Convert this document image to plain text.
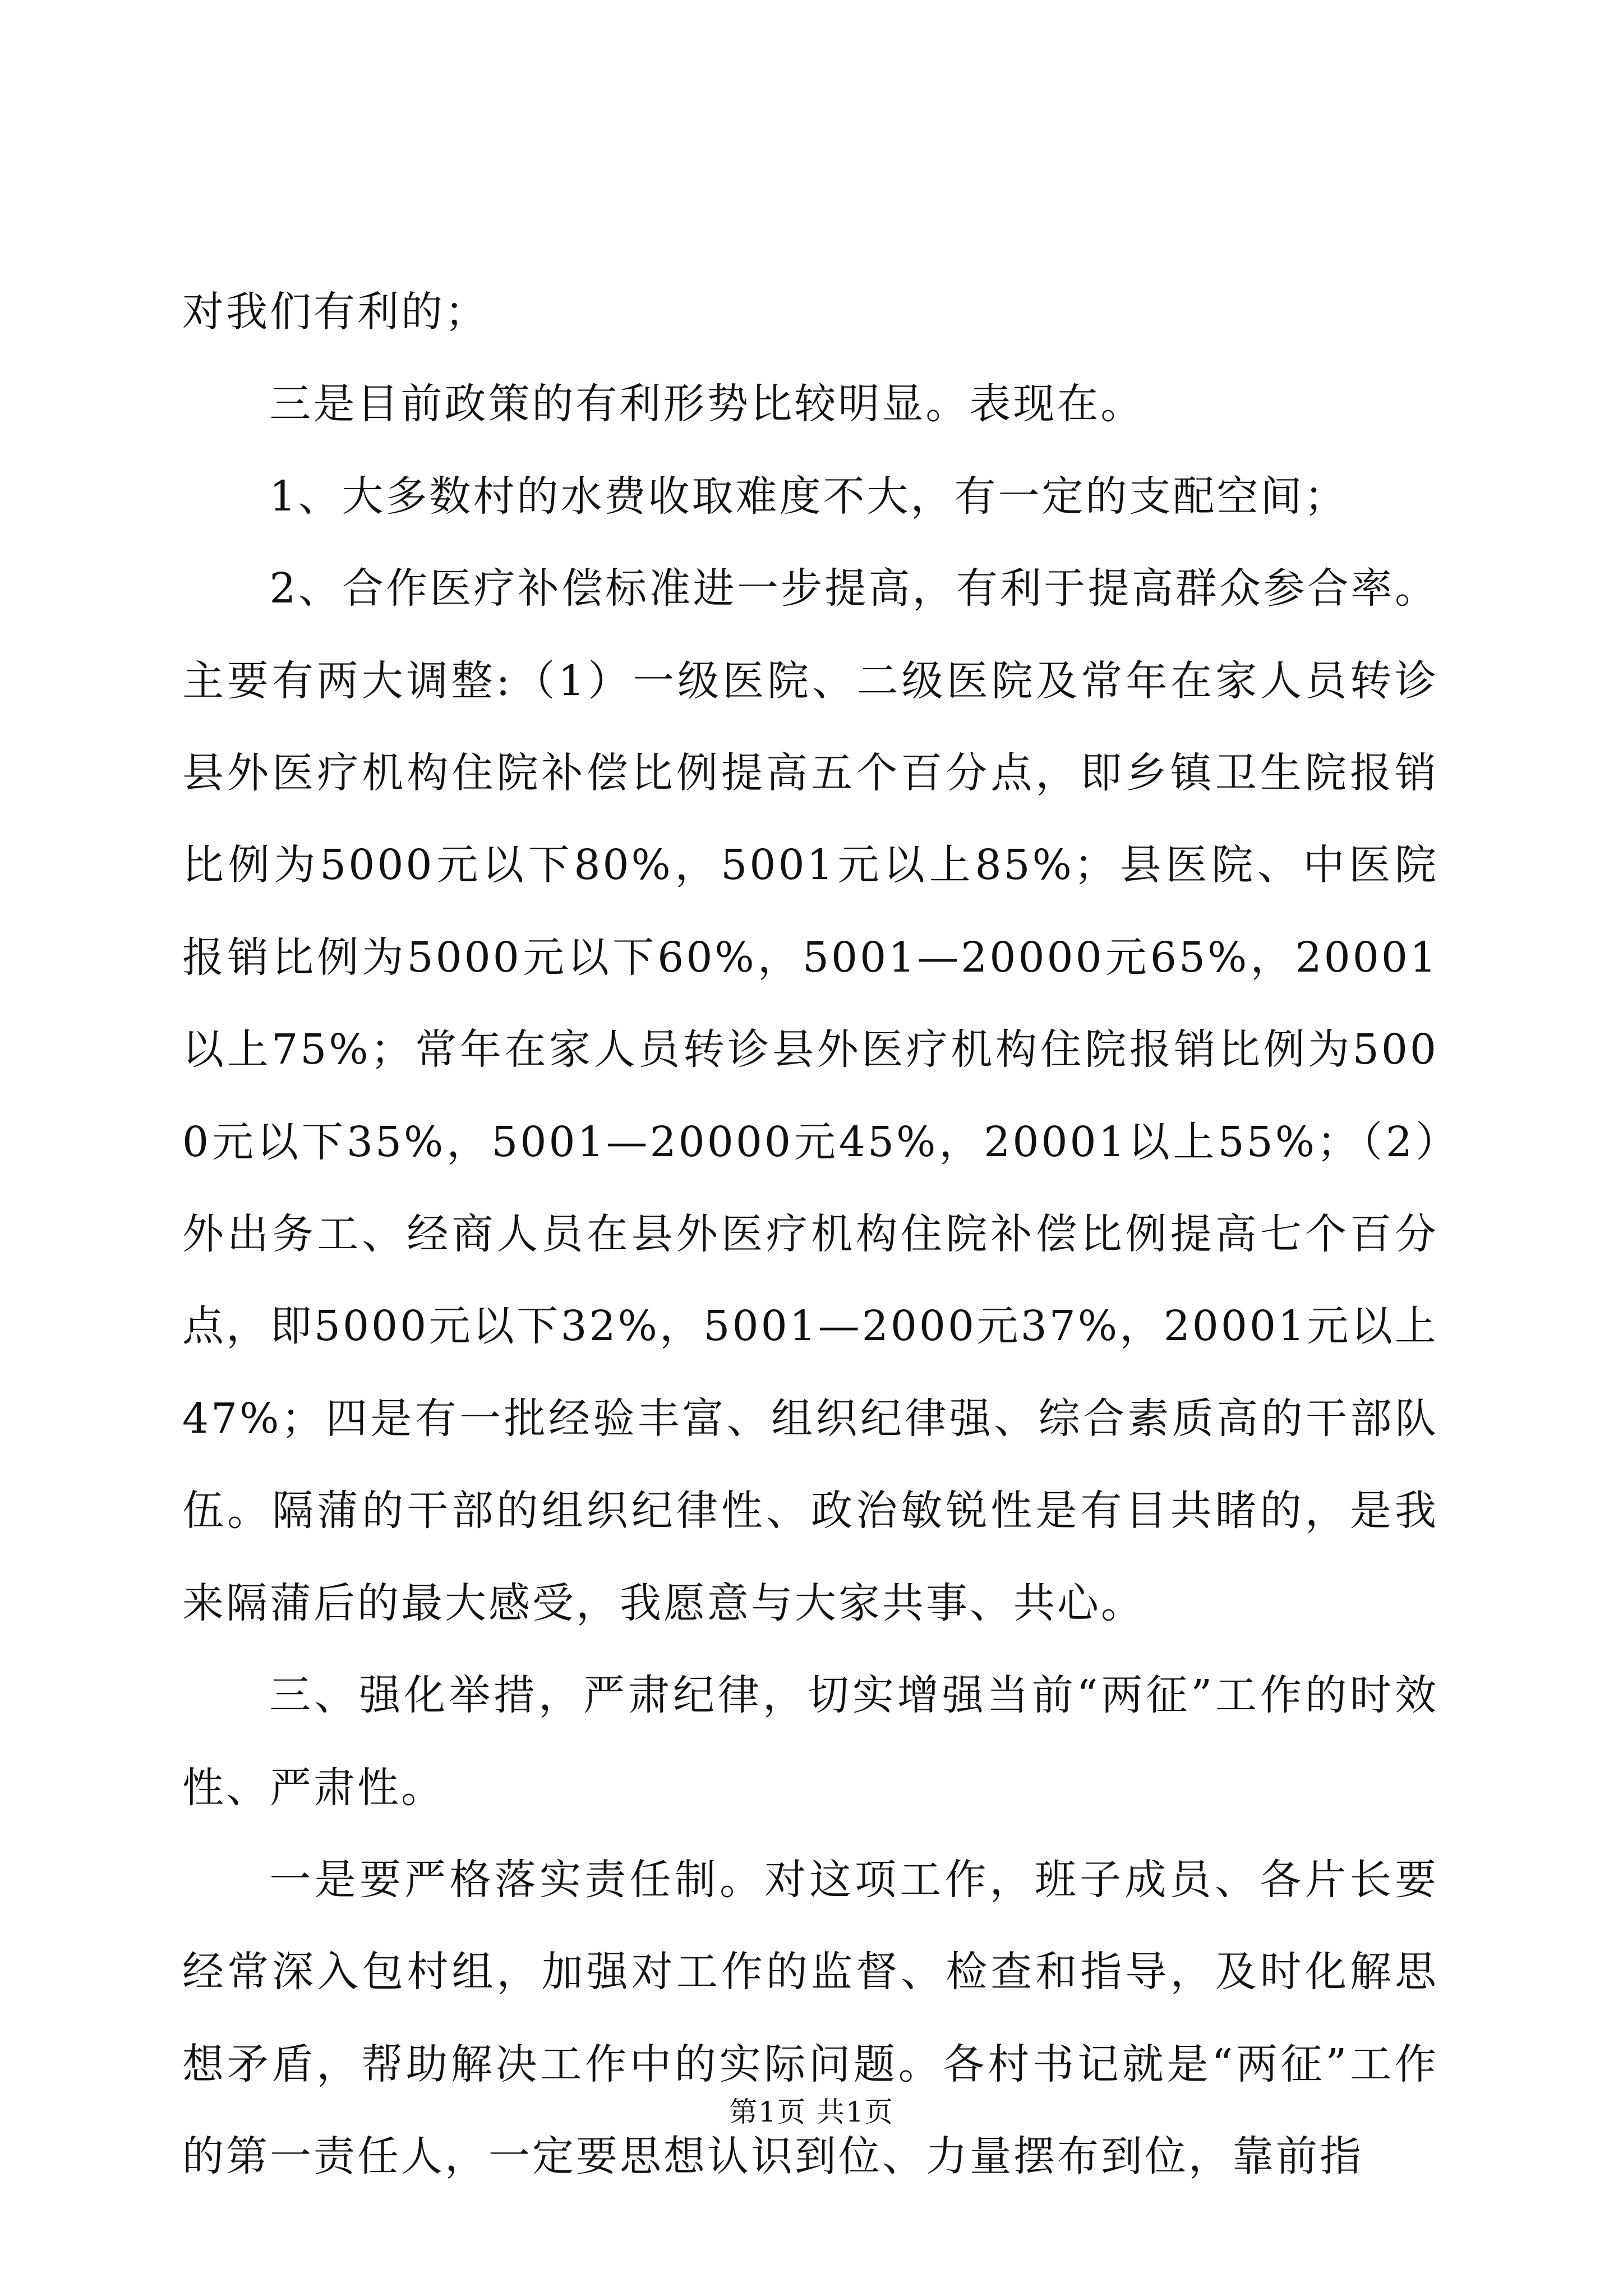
对我们有利的；

三是目前政策的有利形势比较明显。表现在。

1、大多数村的水费收取难度不大，有一定的支配空间；

2、合作医疗补偿标准进一步提高，有利于提高群众参合率。主要有两大调整:（1）一级医院、二级医院及常年在家人员转诊县外医疗机构住院补偿比例提高五个百分点，即乡镇卫生院报销比例为5000元以下80%，5001元以上85%；县医院、中医院报销比例为5000元以下60%，5001—20000元65%，20001以上75%；常年在家人员转诊县外医疗机构住院报销比例为5000元以下35%，5001—20000元45%，20001以上55%；（2）外出务工、经商人员在县外医疗机构住院补偿比例提高七个百分点，即5000元以下32%，5001—2000元37%，20001元以上47%；四是有一批经验丰富、组织纪律强、综合素质高的干部队伍。隔蒲的干部的组织纪律性、政治敏锐性是有目共睹的，是我来隔蒲后的最大感受，我愿意与大家共事、共心。

三、强化举措，严肃纪律，切实增强当前“两征”工作的时效性、严肃性。

一是要严格落实责任制。对这项工作，班子成员、各片长要经常深入包村组，加强对工作的监督、检查和指导，及时化解思想矛盾，帮助解决工作中的实际问题。各村书记就是“两征”工作的第一责任人，一定要思想认识到位、力量摆布到位，靠前指

第1页 共1页
